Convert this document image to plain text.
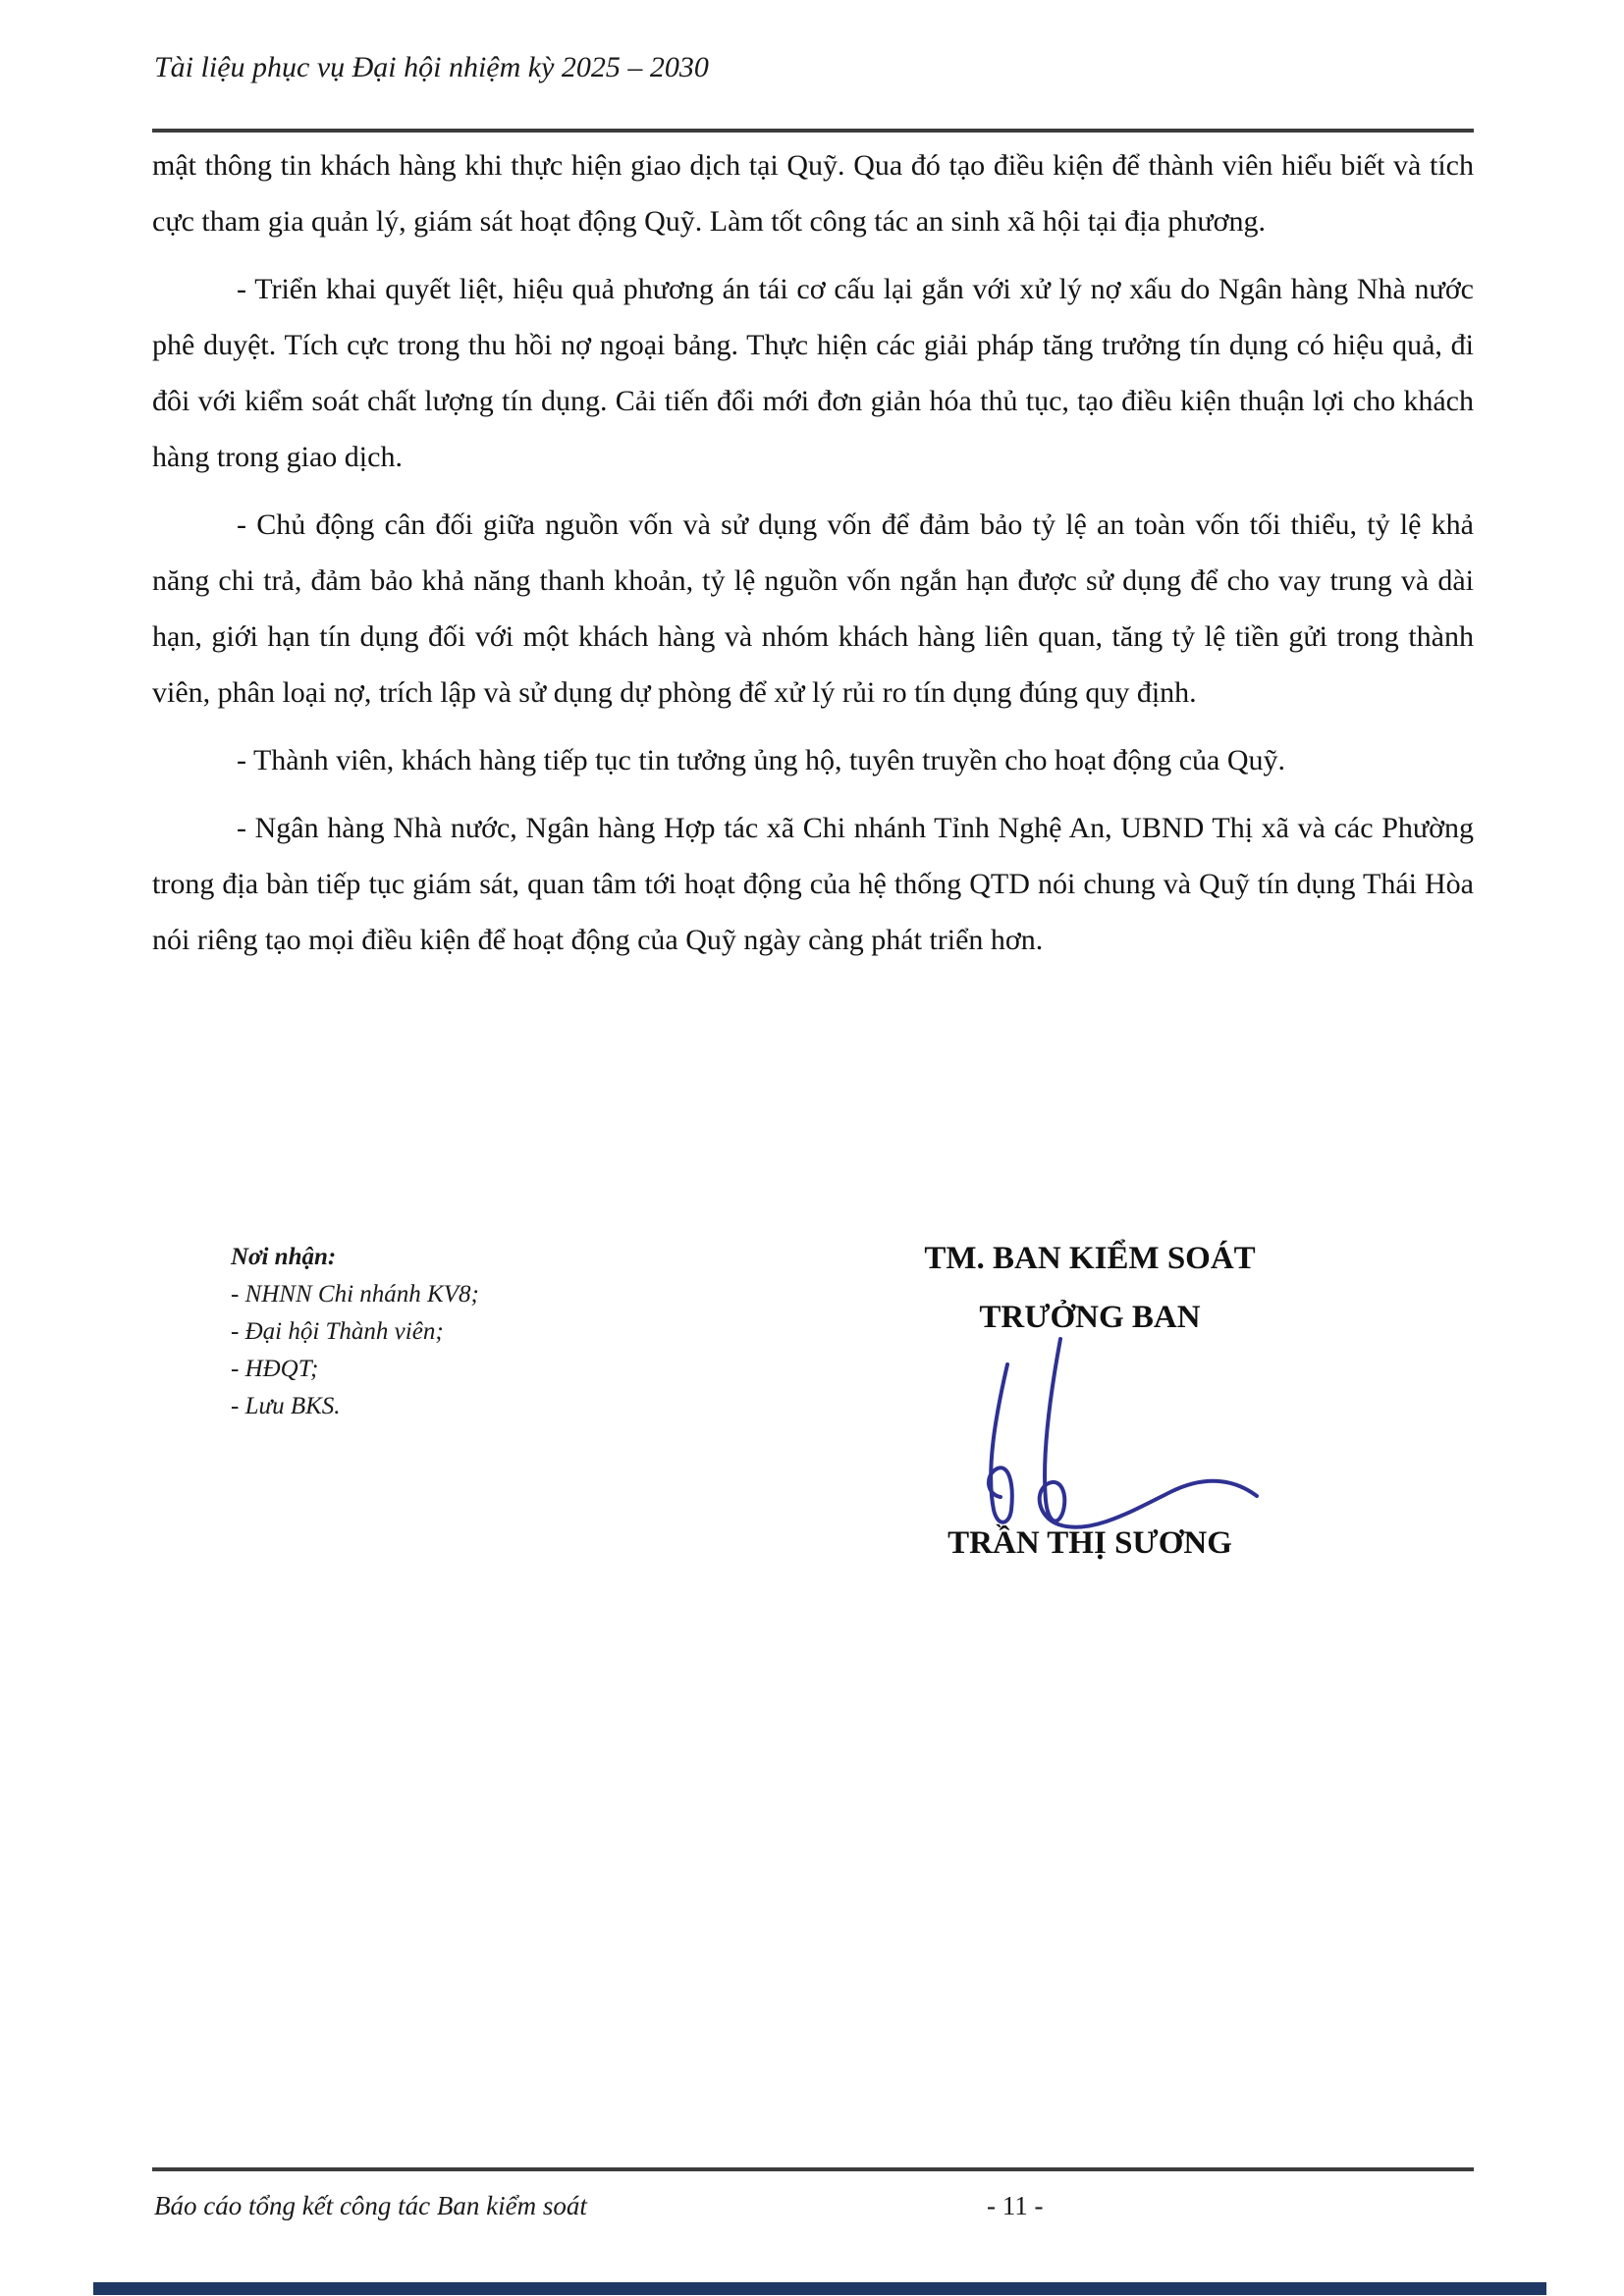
Tài liệu phục vụ Đại hội nhiệm kỳ 2025 – 2030

mật thông tin khách hàng khi thực hiện giao dịch tại Quỹ. Qua đó tạo điều kiện để thành viên hiểu biết và tích cực tham gia quản lý, giám sát hoạt động Quỹ. Làm tốt công tác an sinh xã hội tại địa phương.

- Triển khai quyết liệt, hiệu quả phương án tái cơ cấu lại gắn với xử lý nợ xấu do Ngân hàng Nhà nước phê duyệt. Tích cực trong thu hồi nợ ngoại bảng. Thực hiện các giải pháp tăng trưởng tín dụng có hiệu quả, đi đôi với kiểm soát chất lượng tín dụng. Cải tiến đổi mới đơn giản hóa thủ tục, tạo điều kiện thuận lợi cho khách hàng trong giao dịch.

- Chủ động cân đối giữa nguồn vốn và sử dụng vốn để đảm bảo tỷ lệ an toàn vốn tối thiểu, tỷ lệ khả năng chi trả, đảm bảo khả năng thanh khoản, tỷ lệ nguồn vốn ngắn hạn được sử dụng để cho vay trung và dài hạn, giới hạn tín dụng đối với một khách hàng và nhóm khách hàng liên quan, tăng tỷ lệ tiền gửi trong thành viên, phân loại nợ, trích lập và sử dụng dự phòng để xử lý rủi ro tín dụng đúng quy định.

- Thành viên, khách hàng tiếp tục tin tưởng ủng hộ, tuyên truyền cho hoạt động của Quỹ.

- Ngân hàng Nhà nước, Ngân hàng Hợp tác xã Chi nhánh Tỉnh Nghệ An, UBND Thị xã và các Phường trong địa bàn tiếp tục giám sát, quan tâm tới hoạt động của hệ thống QTD nói chung và Quỹ tín dụng Thái Hòa nói riêng tạo mọi điều kiện để hoạt động của Quỹ ngày càng phát triển hơn.

Nơi nhận:
- NHNN Chi nhánh KV8;
- Đại hội Thành viên;
- HĐQT;
- Lưu BKS.
TM. BAN KIỂM SOÁT
TRƯỞNG BAN
TRẦN THỊ SƯƠNG
Báo cáo tổng kết công tác Ban kiểm soát	- 11 -
